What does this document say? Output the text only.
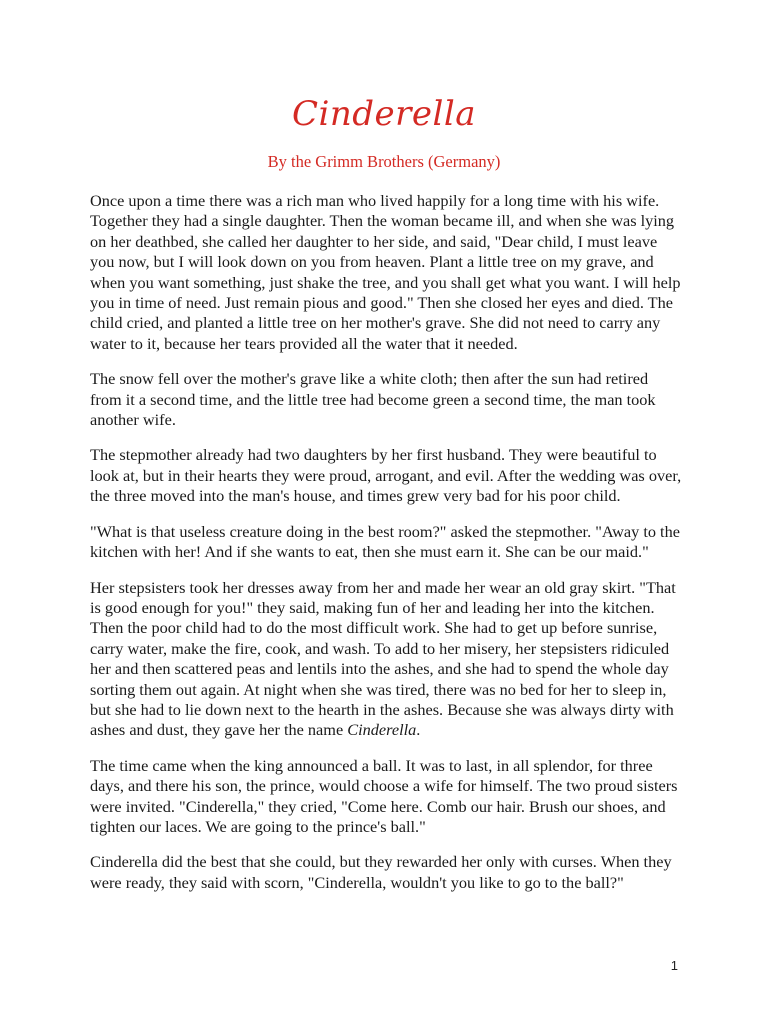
Cinderella
By the Grimm Brothers (Germany)

Once upon a time there was a rich man who lived happily for a long time with his wife. Together they had a single daughter. Then the woman became ill, and when she was lying on her deathbed, she called her daughter to her side, and said, "Dear child, I must leave you now, but I will look down on you from heaven. Plant a little tree on my grave, and when you want something, just shake the tree, and you shall get what you want. I will help you in time of need. Just remain pious and good." Then she closed her eyes and died. The child cried, and planted a little tree on her mother's grave. She did not need to carry any water to it, because her tears provided all the water that it needed.

The snow fell over the mother's grave like a white cloth; then after the sun had retired from it a second time, and the little tree had become green a second time, the man took another wife.

The stepmother already had two daughters by her first husband. They were beautiful to look at, but in their hearts they were proud, arrogant, and evil. After the wedding was over, the three moved into the man's house, and times grew very bad for his poor child.

"What is that useless creature doing in the best room?" asked the stepmother. "Away to the kitchen with her! And if she wants to eat, then she must earn it. She can be our maid."

Her stepsisters took her dresses away from her and made her wear an old gray skirt. "That is good enough for you!" they said, making fun of her and leading her into the kitchen. Then the poor child had to do the most difficult work. She had to get up before sunrise, carry water, make the fire, cook, and wash. To add to her misery, her stepsisters ridiculed her and then scattered peas and lentils into the ashes, and she had to spend the whole day sorting them out again. At night when she was tired, there was no bed for her to sleep in, but she had to lie down next to the hearth in the ashes. Because she was always dirty with ashes and dust, they gave her the name Cinderella.

The time came when the king announced a ball. It was to last, in all splendor, for three days, and there his son, the prince, would choose a wife for himself. The two proud sisters were invited. "Cinderella," they cried, "Come here. Comb our hair. Brush our shoes, and tighten our laces. We are going to the prince's ball."

Cinderella did the best that she could, but they rewarded her only with curses. When they were ready, they said with scorn, "Cinderella, wouldn't you like to go to the ball?"

1
